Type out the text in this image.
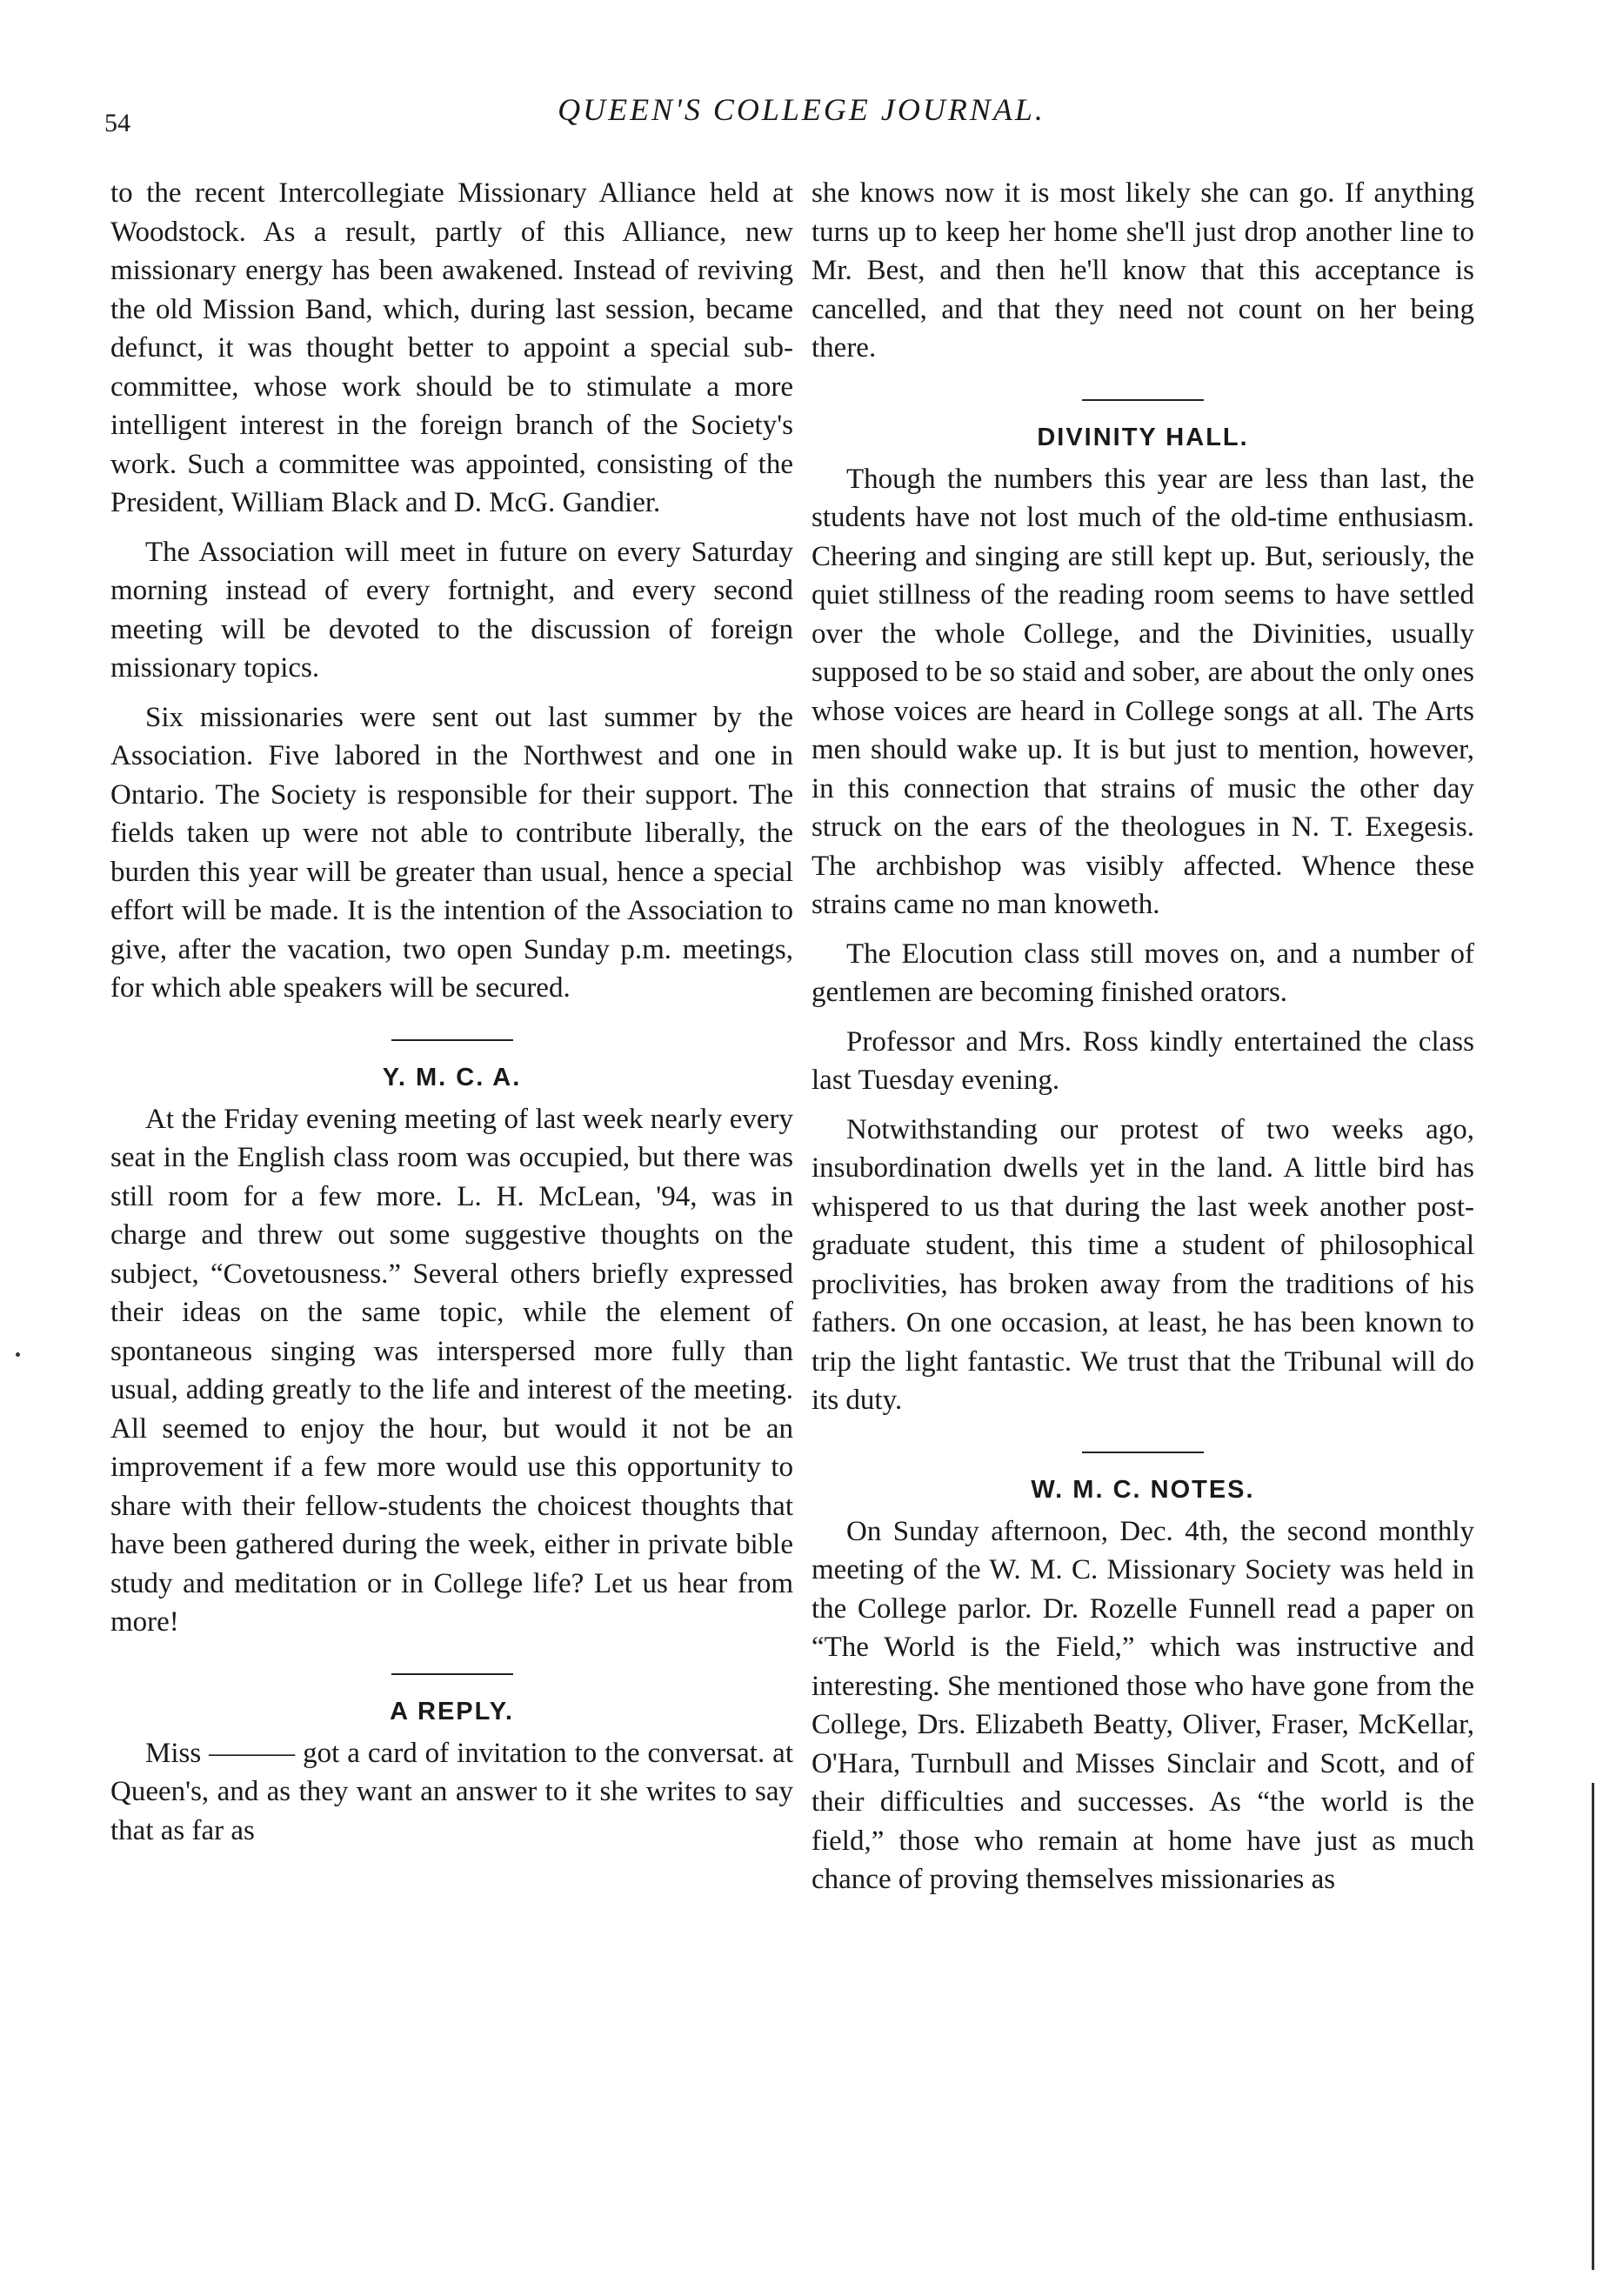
54	QUEEN'S COLLEGE JOURNAL.

to the recent Intercollegiate Missionary Alliance held at Woodstock. As a result, partly of this Alliance, new missionary energy has been awakened. Instead of reviving the old Mission Band, which, during last session, became defunct, it was thought better to appoint a special sub-committee, whose work should be to stimulate a more intelligent interest in the foreign branch of the Society's work. Such a committee was appointed, consisting of the President, William Black and D. McG. Gandier.

The Association will meet in future on every Saturday morning instead of every fortnight, and every second meeting will be devoted to the discussion of foreign missionary topics.

Six missionaries were sent out last summer by the Association. Five labored in the Northwest and one in Ontario. The Society is responsible for their support. The fields taken up were not able to contribute liberally, the burden this year will be greater than usual, hence a special effort will be made. It is the intention of the Association to give, after the vacation, two open Sunday p.m. meetings, for which able speakers will be secured.

Y. M. C. A.

At the Friday evening meeting of last week nearly every seat in the English class room was occupied, but there was still room for a few more. L. H. McLean, '94, was in charge and threw out some suggestive thoughts on the subject, “Covetousness.” Several others briefly expressed their ideas on the same topic, while the element of spontaneous singing was interspersed more fully than usual, adding greatly to the life and interest of the meeting. All seemed to enjoy the hour, but would it not be an improvement if a few more would use this opportunity to share with their fellow-students the choicest thoughts that have been gathered during the week, either in private bible study and meditation or in College life? Let us hear from more!

A REPLY.

Miss ——— got a card of invitation to the conversat. at Queen's, and as they want an answer to it she writes to say that as far as

she knows now it is most likely she can go. If anything turns up to keep her home she'll just drop another line to Mr. Best, and then he'll know that this acceptance is cancelled, and that they need not count on her being there.

DIVINITY HALL.

Though the numbers this year are less than last, the students have not lost much of the old-time enthusiasm. Cheering and singing are still kept up. But, seriously, the quiet stillness of the reading room seems to have settled over the whole College, and the Divinities, usually supposed to be so staid and sober, are about the only ones whose voices are heard in College songs at all. The Arts men should wake up. It is but just to mention, however, in this connection that strains of music the other day struck on the ears of the theologues in N. T. Exegesis. The archbishop was visibly affected. Whence these strains came no man knoweth.

The Elocution class still moves on, and a number of gentlemen are becoming finished orators.

Professor and Mrs. Ross kindly entertained the class last Tuesday evening.

Notwithstanding our protest of two weeks ago, insubordination dwells yet in the land. A little bird has whispered to us that during the last week another post-graduate student, this time a student of philosophical proclivities, has broken away from the traditions of his fathers. On one occasion, at least, he has been known to trip the light fantastic. We trust that the Tribunal will do its duty.

W. M. C. NOTES.

On Sunday afternoon, Dec. 4th, the second monthly meeting of the W. M. C. Missionary Society was held in the College parlor. Dr. Rozelle Funnell read a paper on “The World is the Field,” which was instructive and interesting. She mentioned those who have gone from the College, Drs. Elizabeth Beatty, Oliver, Fraser, McKellar, O'Hara, Turnbull and Misses Sinclair and Scott, and of their difficulties and successes. As “the world is the field,” those who remain at home have just as much chance of proving themselves missionaries as
